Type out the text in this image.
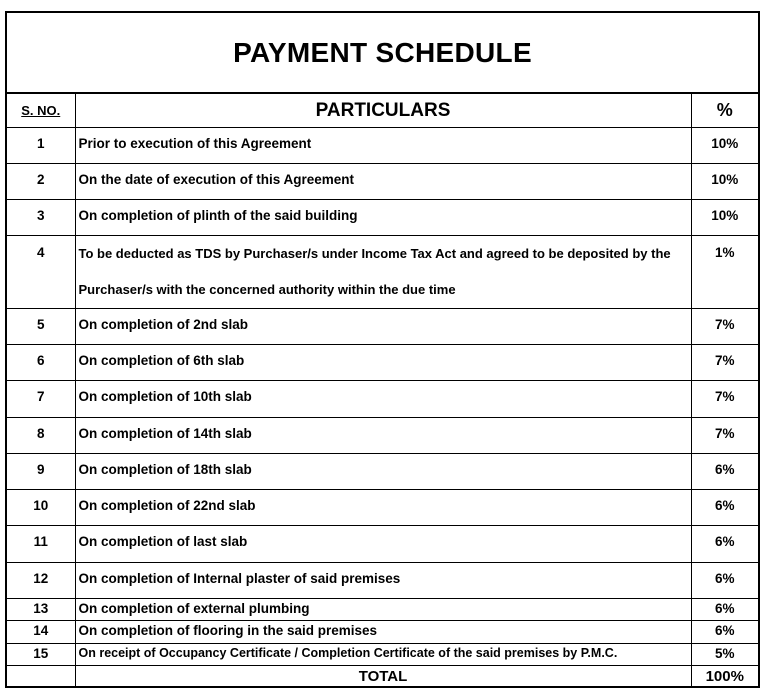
PAYMENT SCHEDULE
S. NO.	PARTICULARS	%
1	Prior to execution of this Agreement	10%
2	On the date of execution of this Agreement	10%
3	On completion of plinth of the said building	10%
4	To be deducted as TDS by Purchaser/s under Income Tax Act and agreed to be deposited by the Purchaser/s with the concerned authority within the due time	1%
5	On completion of 2nd slab	7%
6	On completion of 6th slab	7%
7	On completion of 10th slab	7%
8	On completion of 14th slab	7%
9	On completion of 18th slab	6%
10	On completion of 22nd slab	6%
11	On completion of last slab	6%
12	On completion of Internal plaster of said premises	6%
13	On completion of external plumbing	6%
14	On completion of flooring in the said premises	6%
15	On receipt of Occupancy Certificate / Completion Certificate of the said premises by P.M.C.	5%
	TOTAL	100%
